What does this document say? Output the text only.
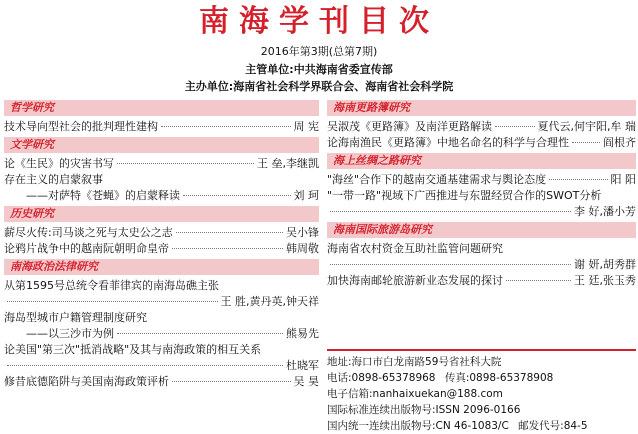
南海学刊目次
2016年第3期(总第7期)
主管单位:中共海南省委宣传部
主办单位:海南省社会科学界联合会、海南省社会科学院
哲学研究
技术导向型社会的批判理性建构	周 宪
文学研究
论《生民》的灾害书写	王 垒,李继凯
存在主义的启蒙叙事
——对萨特《苍蝇》的启蒙释读	刘 珂
历史研究
薪尽火传:司马谈之死与太史公之志	吴小锋
论鸦片战争中的越南阮朝明命皇帝	韩周敬
南海政治法律研究
从第1595号总统令看菲律宾的南海岛礁主张
王 胜,黄丹英,钟天祥
海岛型城市户籍管理制度研究
——以三沙市为例	熊易先
论美国"第三次"抵消战略"及其与南海政策的相互关系
杜晓军
修昔底德陷阱与美国南海政策评析	吴 昊
海南更路簿研究
吴淑茂《更路簿》及南洋更路解读	夏代云,何宇阳,牟 瑞
论海南渔民《更路簿》中地名命名的科学与合理性	阎根齐
海上丝绸之路研究
"海丝"合作下的越南交通基建需求与舆论态度	阳 阳
"一带一路"视域下广西推进与东盟经贸合作的SWOT分析
李 好,潘小芳
海南国际旅游岛研究
海南省农村资金互助社监管问题研究
谢 妍,胡秀群
加快海南邮轮旅游新业态发展的探讨	王 廷,张玉秀
地址:海口市白龙南路59号省社科大院
电话:0898-65378968 传真:0898-65378908
电子信箱:nanhaixuekan@188.com
国际标准连续出版物号:ISSN 2096-0166
国内统一连续出版物号:CN 46-1083/C 邮发代号:84-5
